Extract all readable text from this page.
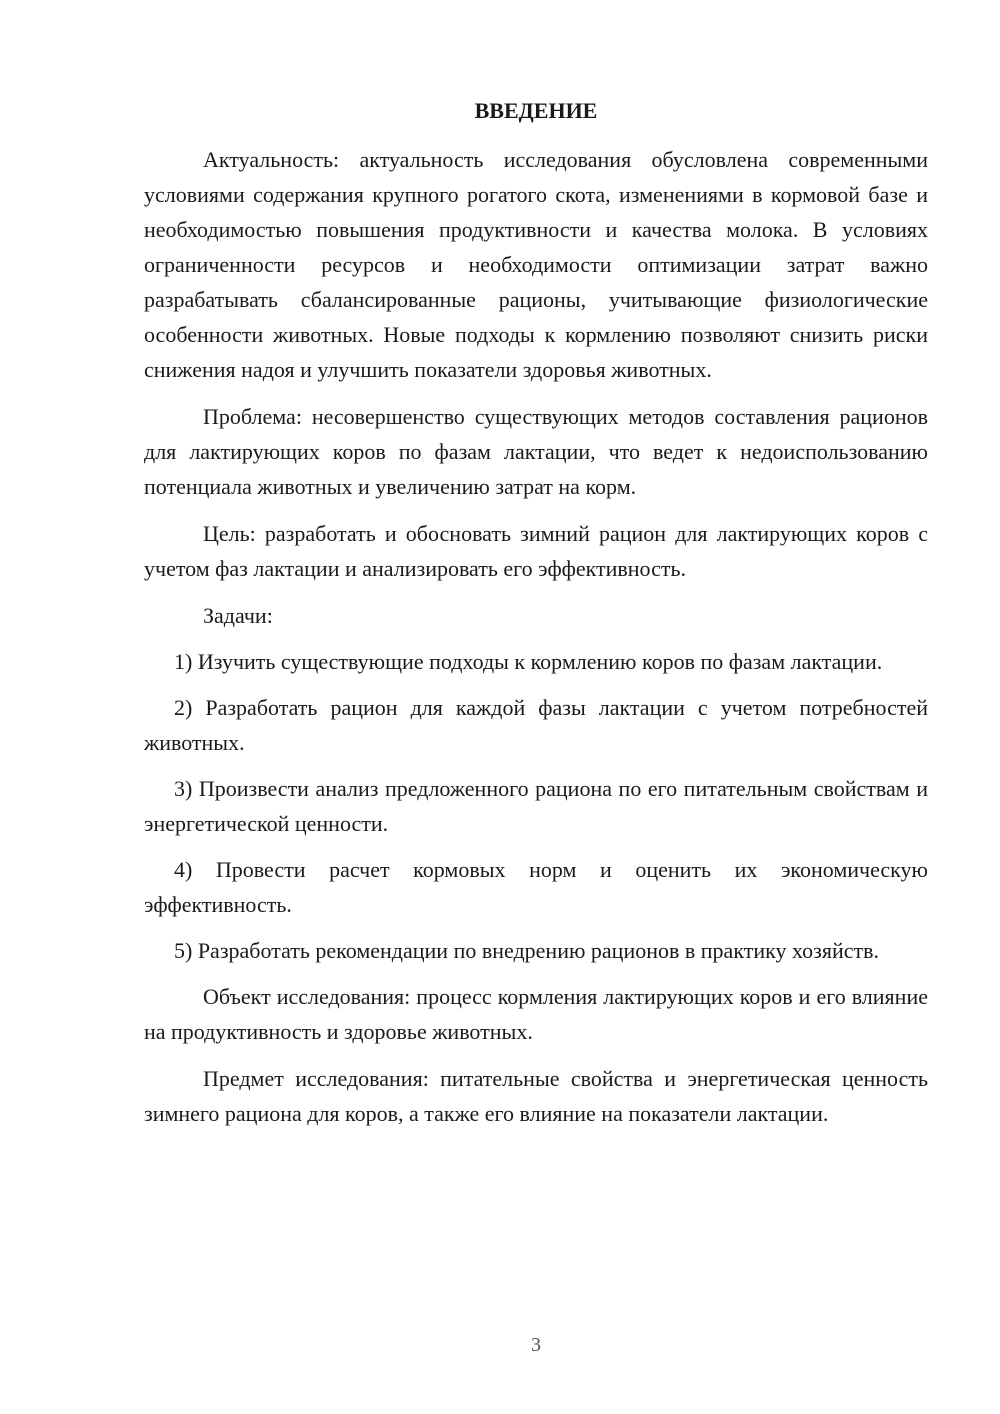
ВВЕДЕНИЕ

Актуальность: актуальность исследования обусловлена современными условиями содержания крупного рогатого скота, изменениями в кормовой базе и необходимостью повышения продуктивности и качества молока. В условиях ограниченности ресурсов и необходимости оптимизации затрат важно разрабатывать сбалансированные рационы, учитывающие физиологические особенности животных. Новые подходы к кормлению позволяют снизить риски снижения надоя и улучшить показатели здоровья животных.

Проблема: несовершенство существующих методов составления рационов для лактирующих коров по фазам лактации, что ведет к недоиспользованию потенциала животных и увеличению затрат на корм.

Цель: разработать и обосновать зимний рацион для лактирующих коров с учетом фаз лактации и анализировать его эффективность.

Задачи:

1) Изучить существующие подходы к кормлению коров по фазам лактации.
2) Разработать рацион для каждой фазы лактации с учетом потребностей животных.
3) Произвести анализ предложенного рациона по его питательным свойствам и энергетической ценности.
4) Провести расчет кормовых норм и оценить их экономическую эффективность.
5) Разработать рекомендации по внедрению рационов в практику хозяйств.

Объект исследования: процесс кормления лактирующих коров и его влияние на продуктивность и здоровье животных.

Предмет исследования: питательные свойства и энергетическая ценность зимнего рациона для коров, а также его влияние на показатели лактации.

3
